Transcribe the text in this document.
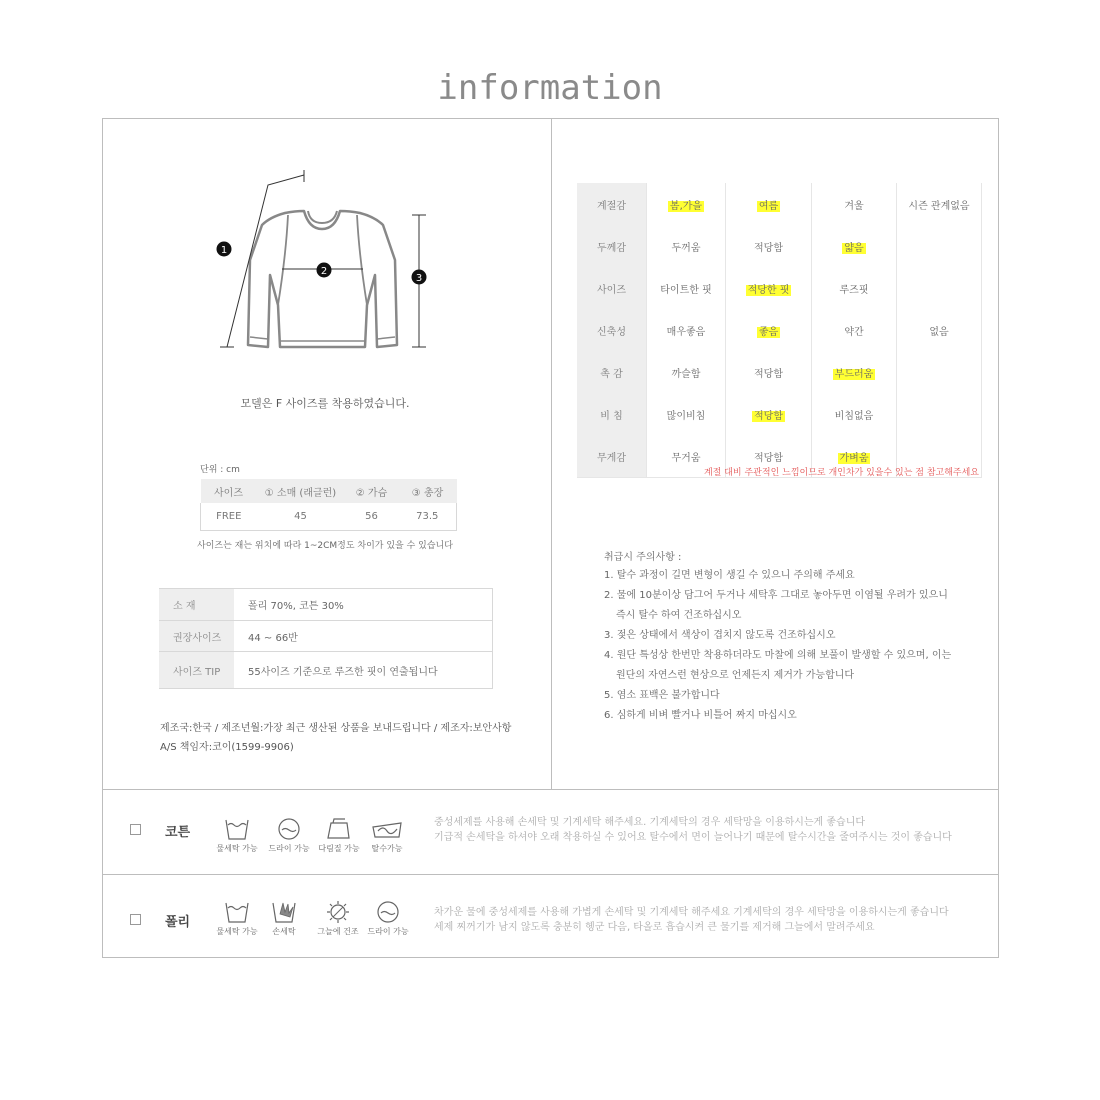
information
1
2
3
모델은 F 사이즈를 착용하였습니다.
단위 : cm
사이즈	① 소매 (래글런)	② 가슴	③ 총장
FREE	45	56	73.5
사이즈는 재는 위치에 따라 1~2CM정도 차이가 있을 수 있습니다
소 재	폴리 70%, 코튼 30%
권장사이즈	44 ~ 66반
사이즈 TIP	55사이즈 기준으로 루즈한 핏이 연출됩니다
제조국:한국 / 제조년월:가장 최근 생산된 상품을 보내드립니다 / 제조자:보안사항
A/S 책임자:코이(1599-9906)
계절감	봄,가을	여름	겨울	시즌 관계없음
두께감	두꺼움	적당함	얇음	
사이즈	타이트한 핏	적당한 핏	루즈핏	
신축성	매우좋음	좋음	약간	없음
촉 감	까슬함	적당함	부드러움	
비 침	많이비침	적당함	비침없음	
무게감	무거움	적당함	가벼움	
계절 대비 주관적인 느낌이므로 개인차가 있을수 있는 점 참고해주세요
취급시 주의사항 :
1. 탈수 과정이 길면 변형이 생길 수 있으니 주의해 주세요
2. 물에 10분이상 담그어 두거나 세탁후 그대로 놓아두면 이염될 우려가 있으니
즉시 탈수 하여 건조하십시오
3. 젖은 상태에서 색상이 겹치지 않도록 건조하십시오
4. 원단 특성상 한번만 착용하더라도 마찰에 의해 보풀이 발생할 수 있으며, 이는
원단의 자연스런 현상으로 언제든지 제거가 가능합니다
5. 염소 표백은 불가합니다
6. 심하게 비벼 빨거나 비틀어 짜지 마십시오
코튼
물세탁 가능	드라이 가능	다림질 가능	탈수가능
중성세제를 사용해 손세탁 및 기계세탁 해주세요. 기계세탁의 경우 세탁망을 이용하시는게 좋습니다
기급적 손세탁을 하셔야 오래 착용하실 수 있어요 탈수에서 면이 늘어나기 때문에 탈수시간을 줄여주시는 것이 좋습니다
폴리
물세탁 가능	손세탁	그늘에 건조	드라이 가능
차가운 물에 중성세제를 사용해 가볍게 손세탁 및 기계세탁 해주세요 기계세탁의 경우 세탁망을 이용하시는게 좋습니다
세제 찌꺼기가 남지 않도록 충분히 헹군 다음, 타올로 흡습시켜 큰 물기를 제거해 그늘에서 말려주세요
